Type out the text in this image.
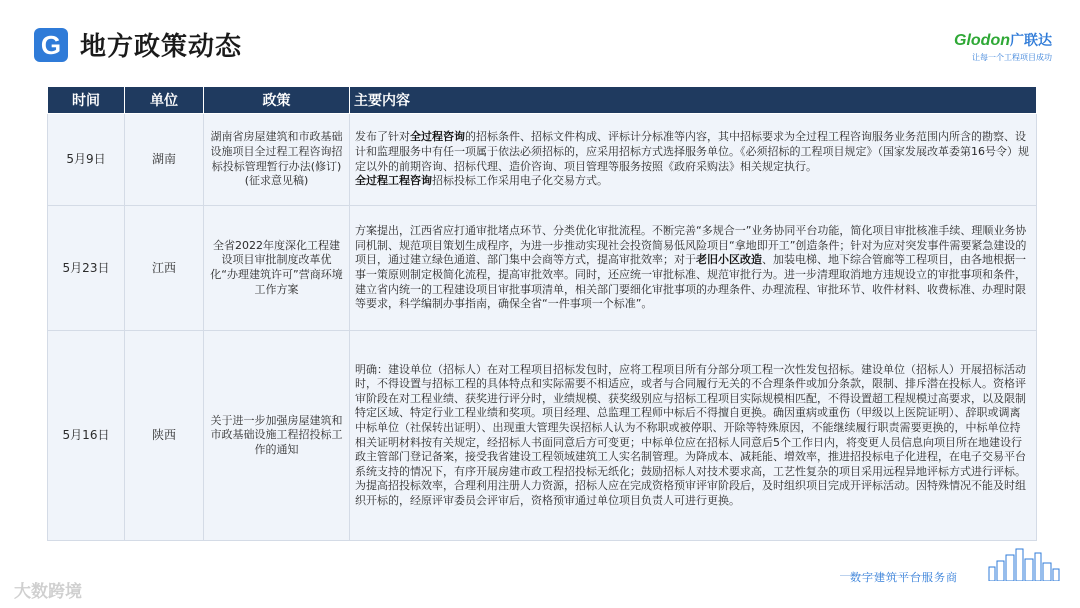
G 地方政策动态	Glodon广联达
让每一个工程项目成功
时间	单位	政策	主要内容
5月9日	湖南	湖南省房屋建筑和市政基础设施项目全过程工程咨询招标投标管理暂行办法(修订)(征求意见稿)	发布了针对全过程咨询的招标条件、招标文件构成、评标计分标准等内容，其中招标要求为全过程工程咨询服务业务范围内所含的勘察、设计和监理服务中有任一项属于依法必须招标的，应采用招标方式选择服务单位。《必须招标的工程项目规定》（国家发展改革委第16号令）规定以外的前期咨询、招标代理、造价咨询、项目管理等服务按照《政府采购法》相关规定执行。
全过程工程咨询招标投标工作采用电子化交易方式。
5月23日	江西	全省2022年度深化工程建设项目审批制度改革优化“办理建筑许可”营商环境工作方案	方案提出，江西省应打通审批堵点环节、分类优化审批流程。不断完善“多规合一”业务协同平台功能，简化项目审批核准手续、理顺业务协同机制、规范项目策划生成程序，为进一步推动实现社会投资简易低风险项目“拿地即开工”创造条件；针对为应对突发事件需要紧急建设的项目，通过建立绿色通道、部门集中会商等方式，提高审批效率；对于老旧小区改造、加装电梯、地下综合管廊等工程项目，由各地根据一事一策原则制定极简化流程，提高审批效率。同时，还应统一审批标准、规范审批行为。进一步清理取消地方违规设立的审批事项和条件，建立省内统一的工程建设项目审批事项清单，相关部门要细化审批事项的办理条件、办理流程、审批环节、收件材料、收费标准、办理时限等要求，科学编制办事指南，确保全省“一件事项一个标准”。
5月16日	陕西	关于进一步加强房屋建筑和市政基础设施工程招投标工作的通知	明确：建设单位（招标人）在对工程项目招标发包时，应将工程项目所有分部分项工程一次性发包招标。建设单位（招标人）开展招标活动时，不得设置与招标工程的具体特点和实际需要不相适应，或者与合同履行无关的不合理条件或加分条款，限制、排斥潜在投标人。资格评审阶段在对工程业绩、获奖进行评分时，业绩规模、获奖级别应与招标工程项目实际规模相匹配，不得设置超工程规模过高要求，以及限制特定区域、特定行业工程业绩和奖项。项目经理、总监理工程师中标后不得擅自更换。确因重病或重伤（甲级以上医院证明）、辞职或调离中标单位（社保转出证明）、出现重大管理失误招标人认为不称职或被停职、开除等特殊原因，不能继续履行职责需要更换的，中标单位持相关证明材料按有关规定，经招标人书面同意后方可变更；中标单位应在招标人同意后5个工作日内，将变更人员信息向项目所在地建设行政主管部门登记备案，接受我省建设工程领域建筑工人实名制管理。为降成本、减耗能、增效率，推进招投标电子化进程，在电子交易平台系统支持的情况下，有序开展房建市政工程招投标无纸化；鼓励招标人对技术要求高，工艺性复杂的项目采用远程异地评标方式进行评标。为提高招投标效率，合理利用注册人力资源，招标人应在完成资格预审评审阶段后，及时组织项目完成开评标活动。因特殊情况不能及时组织开标的，经原评审委员会评审后，资格预审通过单位项目负责人可进行更换。
大数跨境
数字建筑平台服务商
